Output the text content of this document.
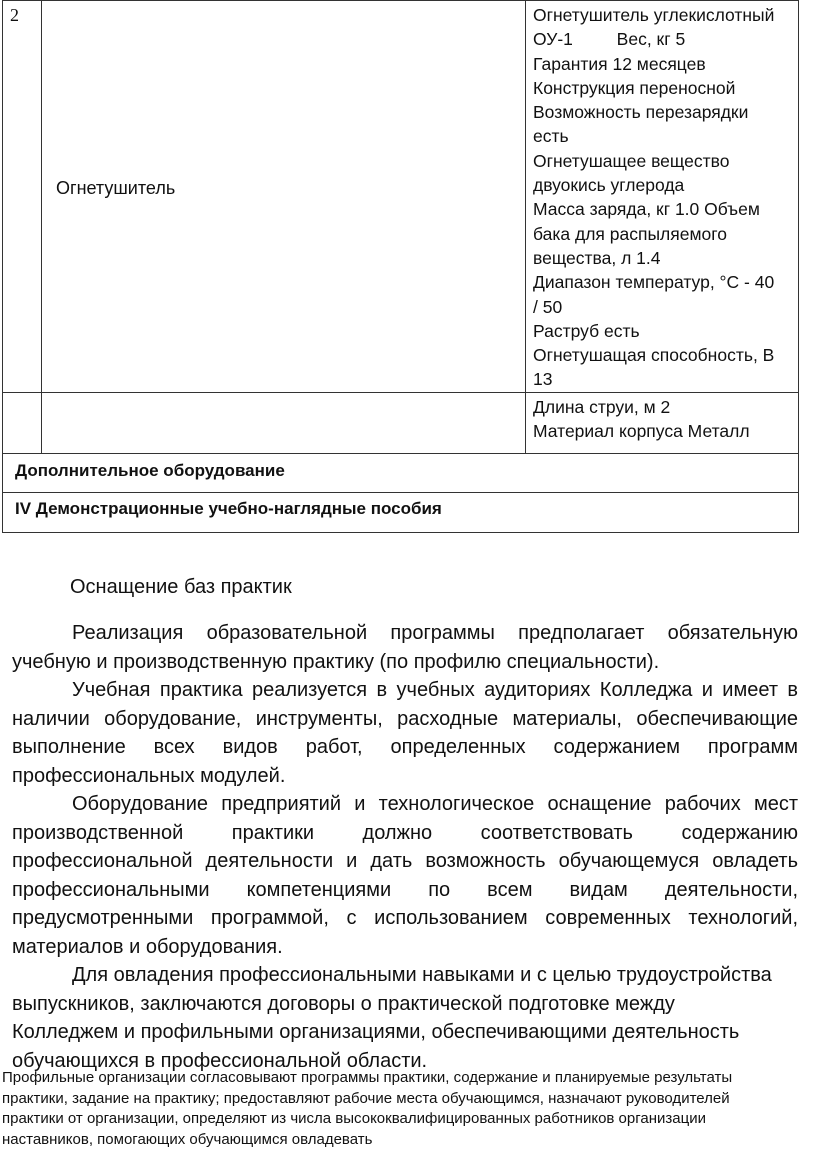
2
Огнетушитель
Огнетушитель углекислотный
ОУ-1         Вес, кг 5
Гарантия 12 месяцев
Конструкция переносной
Возможность перезарядки
есть
Огнетушащее вещество
двуокись углерода
Масса заряда, кг 1.0 Объем
бака для распыляемого
вещества, л 1.4
Диапазон температур, °C - 40
/ 50
Раструб есть
Огнетушащая способность, В
13
Длина струи, м 2
Материал корпуса Металл
Дополнительное оборудование
IV Демонстрационные учебно-наглядные пособия
Оснащение баз практик
Реализация образовательной программы предполагает обязательную
учебную и производственную практику (по профилю специальности).
Учебная практика реализуется в учебных аудиториях Колледжа и имеет в
наличии оборудование, инструменты, расходные материалы, обеспечивающие
выполнение всех видов работ, определенных содержанием программ
профессиональных модулей.
Оборудование предприятий и технологическое оснащение рабочих мест
производственной практики должно соответствовать содержанию
профессиональной деятельности и дать возможность обучающемуся овладеть
профессиональными компетенциями по всем видам деятельности,
предусмотренными программой, с использованием современных технологий,
материалов и оборудования.
Для овладения профессиональными навыками и с целью трудоустройства
выпускников, заключаются договоры о практической подготовке между
Колледжем и профильными организациями, обеспечивающими деятельность
обучающихся в профессиональной области.
Профильные организации согласовывают программы практики, содержание и планируемые результаты
практики, задание на практику; предоставляют рабочие места обучающимся, назначают руководителей
практики от организации, определяют из числа высококвалифицированных работников организации
наставников, помогающих обучающимся овладевать
